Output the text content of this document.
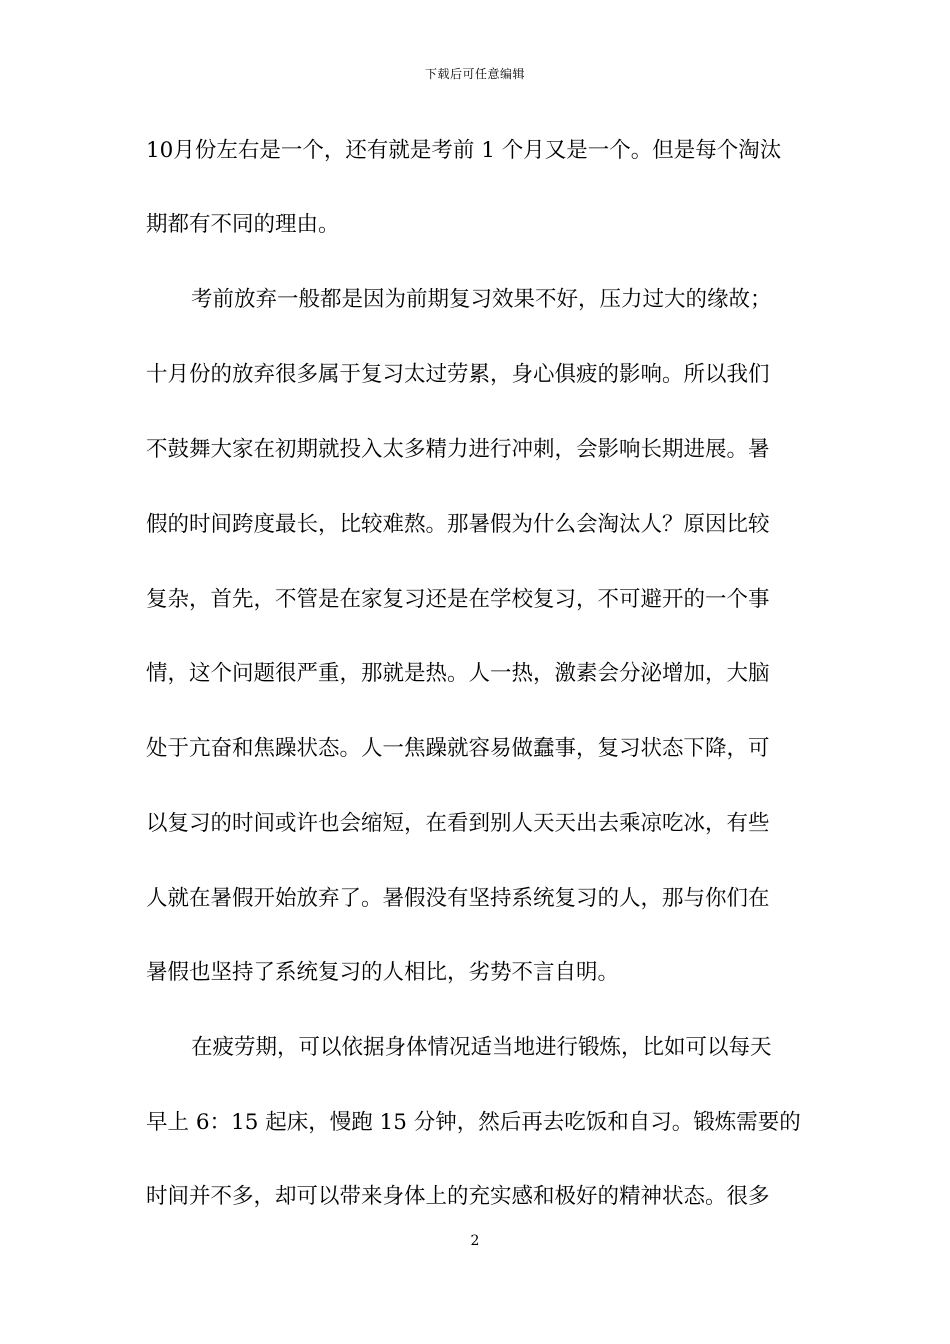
下载后可任意编辑
10月份左右是一个，还有就是考前 1 个月又是一个。但是每个淘汰
期都有不同的理由。
考前放弃一般都是因为前期复习效果不好，压力过大的缘故；
十月份的放弃很多属于复习太过劳累，身心俱疲的影响。所以我们
不鼓舞大家在初期就投入太多精力进行冲刺，会影响长期进展。暑
假的时间跨度最长，比较难熬。那暑假为什么会淘汰人？原因比较
复杂，首先，不管是在家复习还是在学校复习，不可避开的一个事
情，这个问题很严重，那就是热。人一热，激素会分泌增加，大脑
处于亢奋和焦躁状态。人一焦躁就容易做蠢事，复习状态下降，可
以复习的时间或许也会缩短，在看到别人天天出去乘凉吃冰，有些
人就在暑假开始放弃了。暑假没有坚持系统复习的人，那与你们在
暑假也坚持了系统复习的人相比，劣势不言自明。
在疲劳期，可以依据身体情况适当地进行锻炼，比如可以每天
早上 6：15 起床，慢跑 15 分钟，然后再去吃饭和自习。锻炼需要的
时间并不多，却可以带来身体上的充实感和极好的精神状态。很多
2
